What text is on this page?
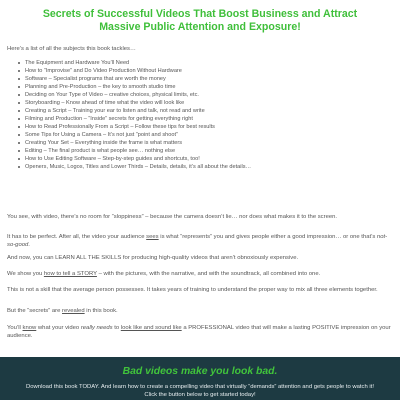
Secrets of Successful Videos That Boost Business and Attract
Massive Public Attention and Exposure!
Here’s a list of all the subjects this book tackles…
The Equipment and Hardware You’ll Need
How to “Improvise” and Do Video Production Without Hardware
Software – Specialist programs that are worth the money
Planning and Pre-Production – the key to smooth studio time
Deciding on Your Type of Video – creative choices, physical limits, etc.
Storyboarding – Know ahead of time what the video will look like
Creating a Script – Training your ear to listen and talk, not read and write
Filming and Production – “Inside” secrets for getting everything right
How to Read Professionally From a Script – Follow these tips for best results
Some Tips for Using a Camera – It’s not just “point and shoot”
Creating Your Set – Everything inside the frame is what matters
Editing – The final product is what people see… nothing else
How to Use Editing Software – Step-by-step guides and shortcuts, too!
Openers, Music, Logos, Titles and Lower Thirds – Details, details, it’s all about the details…

You see, with video, there’s no room for “sloppiness” – because the camera doesn’t lie… nor does what makes it to the screen.

It has to be perfect. After all, the video your audience sees is what “represents” you and gives people either a good impression… or one that’s not-so-good.

And now, you can LEARN ALL THE SKILLS for producing high-quality videos that aren’t obnoxiously expensive.

We show you how to tell a STORY – with the pictures, with the narrative, and with the soundtrack, all combined into one.

This is not a skill that the average person possesses. It takes years of training to understand the proper way to mix all three elements together.

But the “secrets” are revealed in this book.

You’ll know what your video really needs to look like and sound like a PROFESSIONAL video that will make a lasting POSITIVE impression on your audience.

Bad videos make you look bad.
Download this book TODAY. And learn how to create a compelling video that virtually “demands” attention and gets people to watch it! Click the button below to get started today!
